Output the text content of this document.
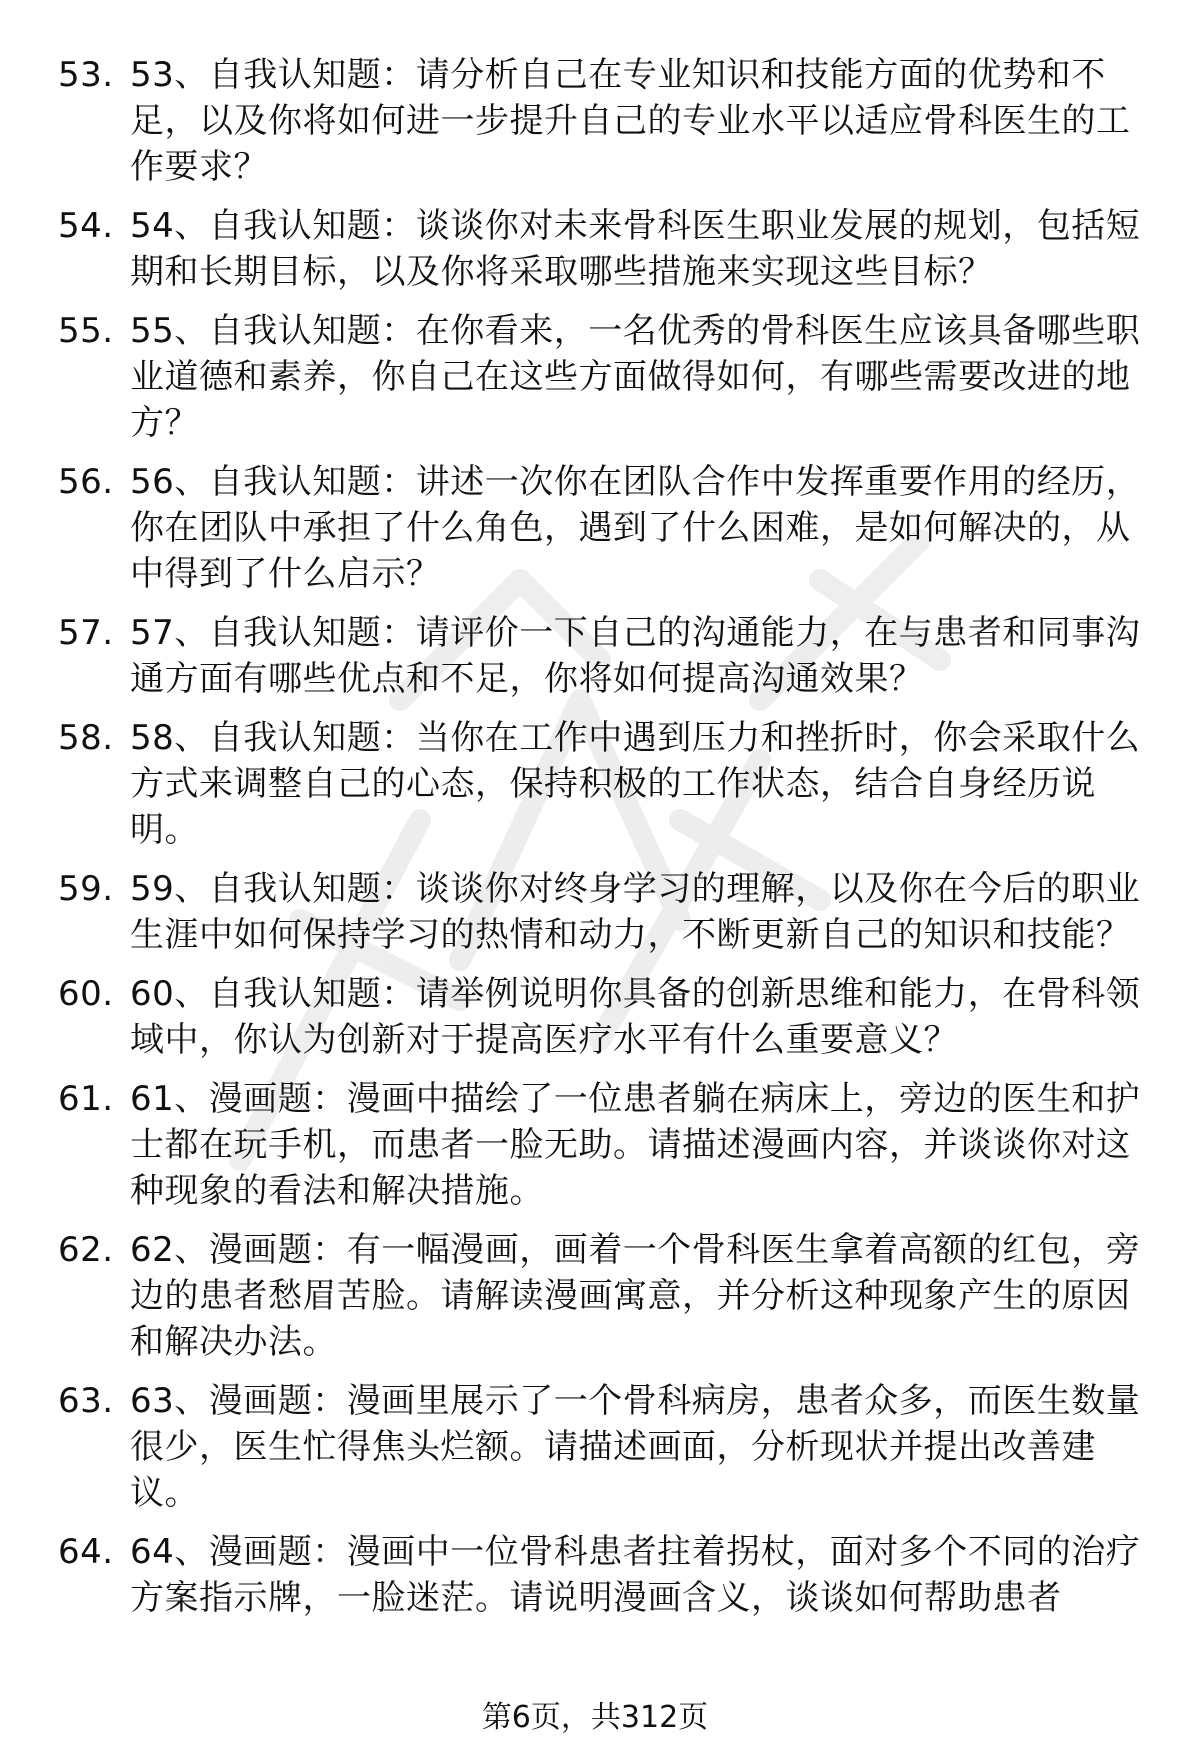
53. 53、自我认知题：请分析自己在专业知识和技能方面的优势和不足，以及你将如何进一步提升自己的专业水平以适应骨科医生的工作要求？
54. 54、自我认知题：谈谈你对未来骨科医生职业发展的规划，包括短期和长期目标，以及你将采取哪些措施来实现这些目标？
55. 55、自我认知题：在你看来，一名优秀的骨科医生应该具备哪些职业道德和素养，你自己在这些方面做得如何，有哪些需要改进的地方？
56. 56、自我认知题：讲述一次你在团队合作中发挥重要作用的经历，你在团队中承担了什么角色，遇到了什么困难，是如何解决的，从中得到了什么启示？
57. 57、自我认知题：请评价一下自己的沟通能力，在与患者和同事沟通方面有哪些优点和不足，你将如何提高沟通效果？
58. 58、自我认知题：当你在工作中遇到压力和挫折时，你会采取什么方式来调整自己的心态，保持积极的工作状态，结合自身经历说明。
59. 59、自我认知题：谈谈你对终身学习的理解，以及你在今后的职业生涯中如何保持学习的热情和动力，不断更新自己的知识和技能？
60. 60、自我认知题：请举例说明你具备的创新思维和能力，在骨科领域中，你认为创新对于提高医疗水平有什么重要意义？
61. 61、漫画题：漫画中描绘了一位患者躺在病床上，旁边的医生和护士都在玩手机，而患者一脸无助。请描述漫画内容，并谈谈你对这种现象的看法和解决措施。
62. 62、漫画题：有一幅漫画，画着一个骨科医生拿着高额的红包，旁边的患者愁眉苦脸。请解读漫画寓意，并分析这种现象产生的原因和解决办法。
63. 63、漫画题：漫画里展示了一个骨科病房，患者众多，而医生数量很少，医生忙得焦头烂额。请描述画面，分析现状并提出改善建议。
64. 64、漫画题：漫画中一位骨科患者拄着拐杖，面对多个不同的治疗方案指示牌，一脸迷茫。请说明漫画含义，谈谈如何帮助患者
第6页，共312页
